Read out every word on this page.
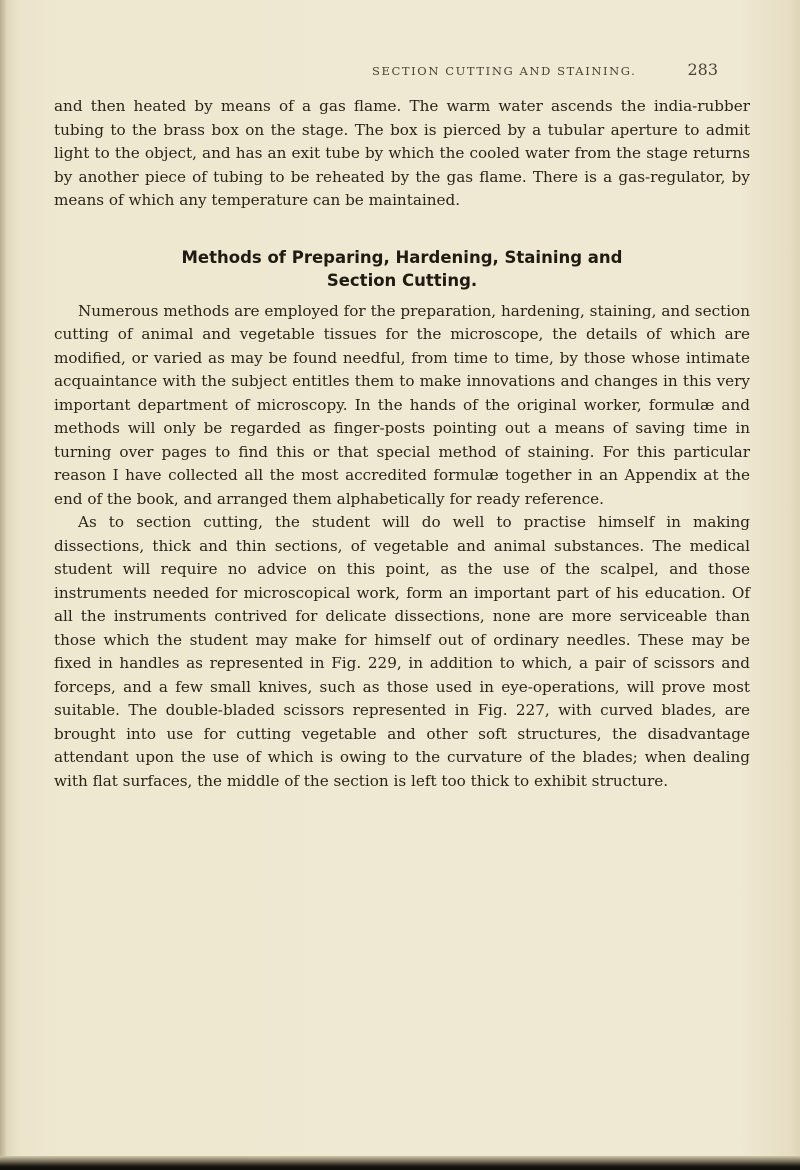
SECTION CUTTING AND STAINING.	283

and then heated by means of a gas flame. The warm water ascends the india-rubber tubing to the brass box on the stage. The box is pierced by a tubular aperture to admit light to the object, and has an exit tube by which the cooled water from the stage returns by another piece of tubing to be reheated by the gas flame. There is a gas-regulator, by means of which any temperature can be maintained.

Methods of Preparing, Hardening, Staining and
Section Cutting.

Numerous methods are employed for the preparation, hardening, staining, and section cutting of animal and vegetable tissues for the microscope, the details of which are modified, or varied as may be found needful, from time to time, by those whose intimate acquaintance with the subject entitles them to make innovations and changes in this very important department of microscopy. In the hands of the original worker, formulæ and methods will only be regarded as finger-posts pointing out a means of saving time in turning over pages to find this or that special method of staining. For this particular reason I have collected all the most accredited formulæ together in an Appendix at the end of the book, and arranged them alphabetically for ready reference.

As to section cutting, the student will do well to practise himself in making dissections, thick and thin sections, of vegetable and animal substances. The medical student will require no advice on this point, as the use of the scalpel, and those instruments needed for microscopical work, form an important part of his education. Of all the instruments contrived for delicate dissections, none are more serviceable than those which the student may make for himself out of ordinary needles. These may be fixed in handles as represented in Fig. 229, in addition to which, a pair of scissors and forceps, and a few small knives, such as those used in eye-operations, will prove most suitable. The double-bladed scissors represented in Fig. 227, with curved blades, are brought into use for cutting vegetable and other soft structures, the disadvantage attendant upon the use of which is owing to the curvature of the blades; when dealing with flat surfaces, the middle of the section is left too thick to exhibit structure.
